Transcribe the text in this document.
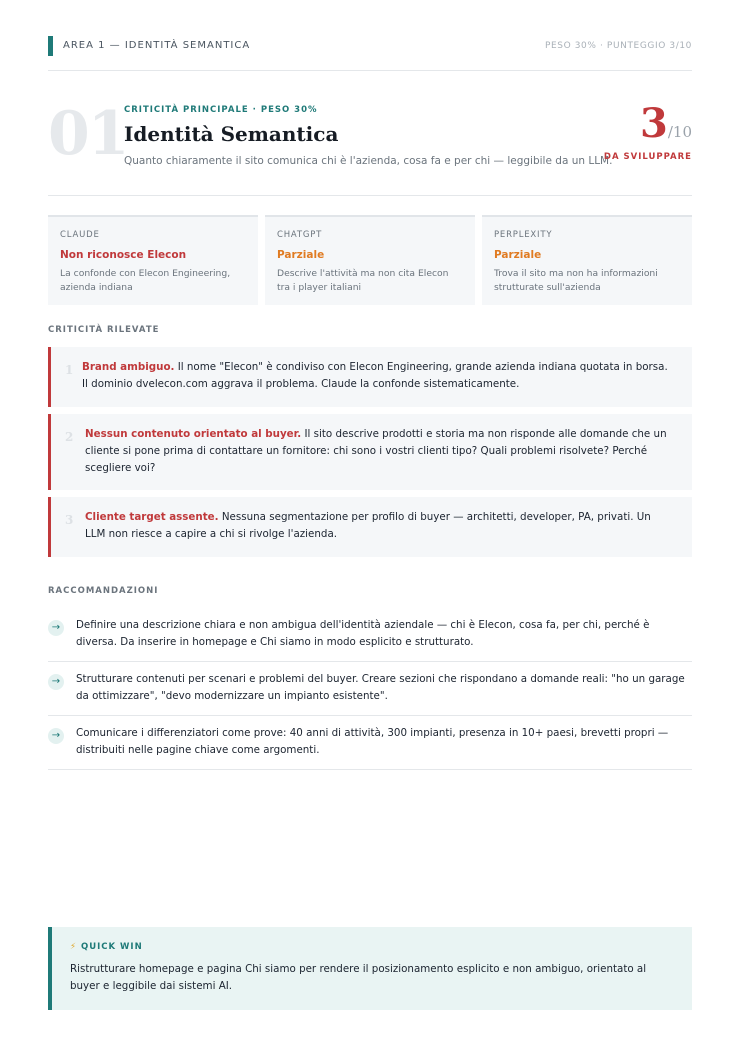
AREA 1 — IDENTITÀ SEMANTICA	PESO 30% · PUNTEGGIO 3/10
01
CRITICITÀ PRINCIPALE · PESO 30%
Identità Semantica
Quanto chiaramente il sito comunica chi è l'azienda, cosa fa e per chi — leggibile da un LLM.
3/10
DA SVILUPPARE
CLAUDE
Non riconosce Elecon
La confonde con Elecon Engineering, azienda indiana
CHATGPT
Parziale
Descrive l'attività ma non cita Elecon tra i player italiani
PERPLEXITY
Parziale
Trova il sito ma non ha informazioni strutturate sull'azienda
CRITICITÀ RILEVATE
1 Brand ambiguo. Il nome "Elecon" è condiviso con Elecon Engineering, grande azienda indiana quotata in borsa. Il dominio dvelecon.com aggrava il problema. Claude la confonde sistematicamente.
2 Nessun contenuto orientato al buyer. Il sito descrive prodotti e storia ma non risponde alle domande che un cliente si pone prima di contattare un fornitore: chi sono i vostri clienti tipo? Quali problemi risolvete? Perché scegliere voi?
3 Cliente target assente. Nessuna segmentazione per profilo di buyer — architetti, developer, PA, privati. Un LLM non riesce a capire a chi si rivolge l'azienda.
RACCOMANDAZIONI
→	Definire una descrizione chiara e non ambigua dell'identità aziendale — chi è Elecon, cosa fa, per chi, perché è diversa. Da inserire in homepage e Chi siamo in modo esplicito e strutturato.
→	Strutturare contenuti per scenari e problemi del buyer. Creare sezioni che rispondano a domande reali: "ho un garage da ottimizzare", "devo modernizzare un impianto esistente".
→	Comunicare i differenziatori come prove: 40 anni di attività, 300 impianti, presenza in 10+ paesi, brevetti propri — distribuiti nelle pagine chiave come argomenti.
⚡ QUICK WIN
Ristrutturare homepage e pagina Chi siamo per rendere il posizionamento esplicito e non ambiguo, orientato al buyer e leggibile dai sistemi AI.
